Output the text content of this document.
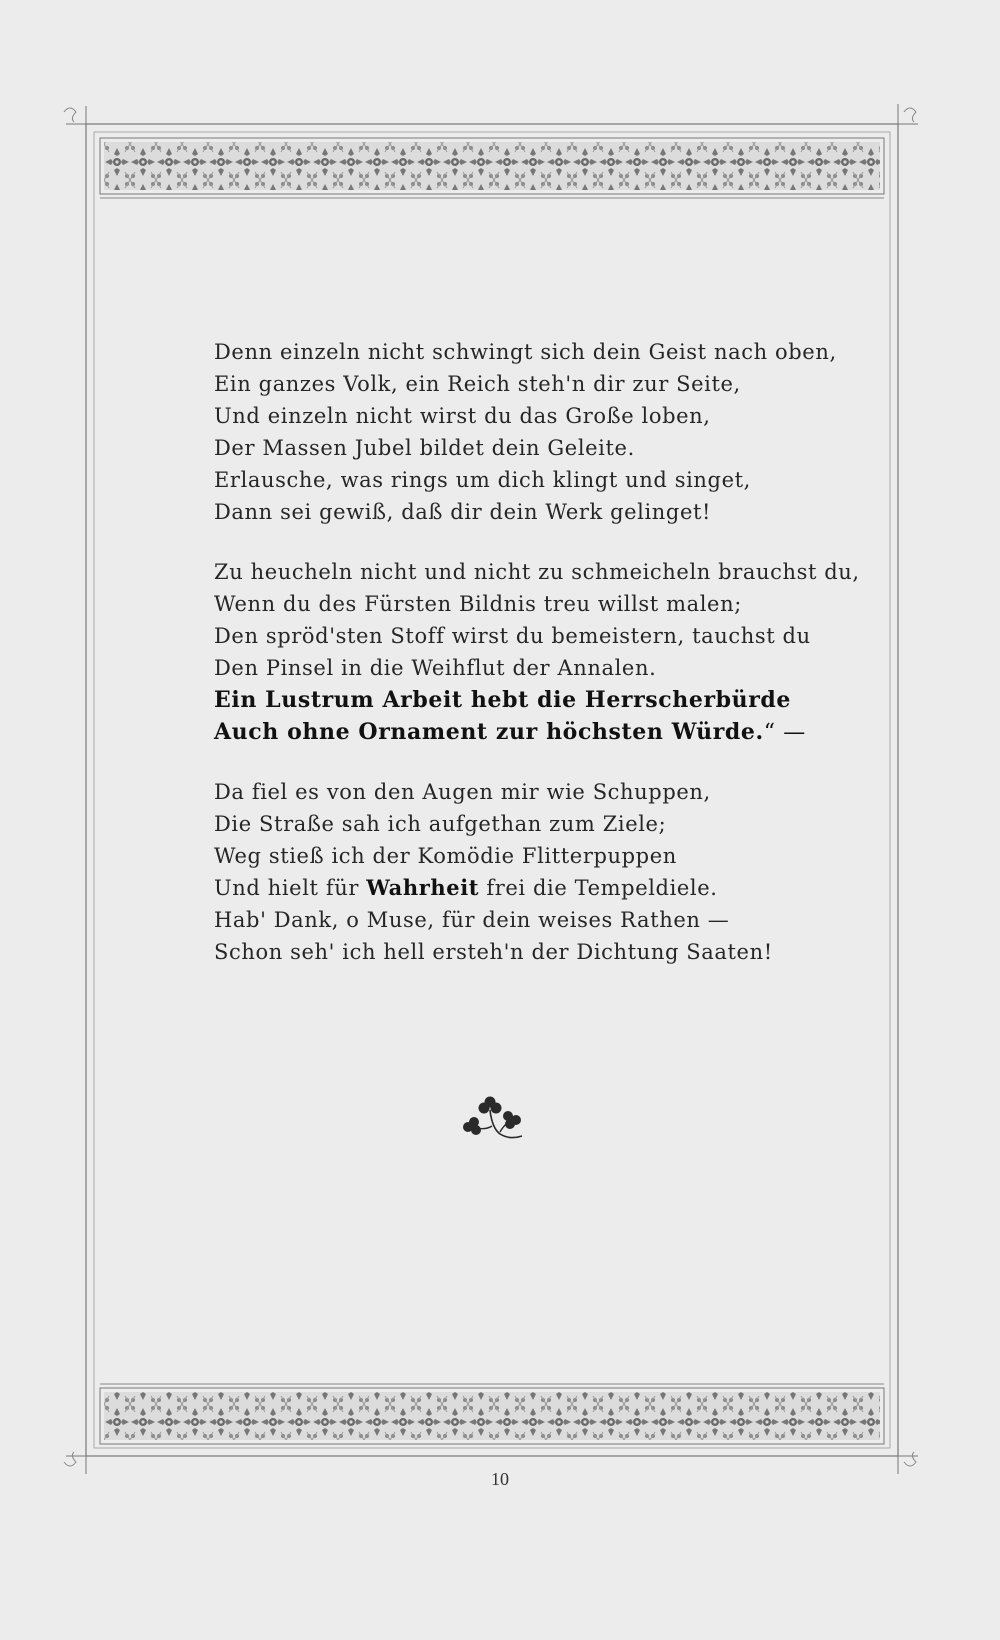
Denn einzeln nicht schwingt sich dein Geist nach oben,
Ein ganzes Volk, ein Reich steh'n dir zur Seite,
Und einzeln nicht wirst du das Große loben,
Der Massen Jubel bildet dein Geleite.
Erlausche, was rings um dich klingt und singet,
Dann sei gewiß, daß dir dein Werk gelinget!
Zu heucheln nicht und nicht zu schmeicheln brauchst du,
Wenn du des Fürsten Bildnis treu willst malen;
Den spröd'sten Stoff wirst du bemeistern, tauchst du
Den Pinsel in die Weihflut der Annalen.
Ein Lustrum Arbeit hebt die Herrscherbürde
Auch ohne Ornament zur höchsten Würde.“ —
Da fiel es von den Augen mir wie Schuppen,
Die Straße sah ich aufgethan zum Ziele;
Weg stieß ich der Komödie Flitterpuppen
Und hielt für Wahrheit frei die Tempeldiele.
Hab' Dank, o Muse, für dein weises Rathen —
Schon seh' ich hell ersteh'n der Dichtung Saaten!
10
